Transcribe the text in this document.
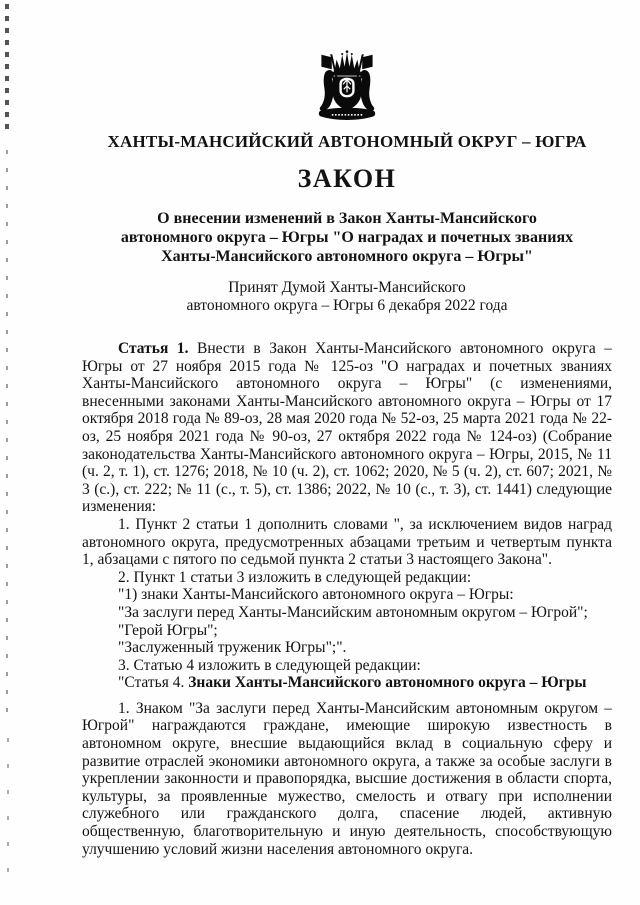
ХАНТЫ-МАНСИЙСКИЙ АВТОНОМНЫЙ ОКРУГ – ЮГРА
ЗАКОН
О внесении изменений в Закон Ханты-Мансийского
автономного округа – Югры "О наградах и почетных званиях
Ханты-Мансийского автономного округа – Югры"
Принят Думой Ханты-Мансийского
автономного округа – Югры 6 декабря 2022 года

Статья 1. Внести в Закон Ханты-Мансийского автономного округа – Югры от 27 ноября 2015 года № 125-оз "О наградах и почетных званиях Ханты-Мансийского автономного округа – Югры" (с изменениями, внесенными законами Ханты-Мансийского автономного округа – Югры от 17 октября 2018 года № 89-оз, 28 мая 2020 года № 52-оз, 25 марта 2021 года № 22-оз, 25 ноября 2021 года № 90-оз, 27 октября 2022 года № 124-оз) (Собрание законодательства Ханты-Мансийского автономного округа – Югры, 2015, № 11 (ч. 2, т. 1), ст. 1276; 2018, № 10 (ч. 2), ст. 1062; 2020, № 5 (ч. 2), ст. 607; 2021, № 3 (с.), ст. 222; № 11 (с., т. 5), ст. 1386; 2022, № 10 (с., т. 3), ст. 1441) следующие изменения:

1. Пункт 2 статьи 1 дополнить словами ", за исключением видов наград автономного округа, предусмотренных абзацами третьим и четвертым пункта 1, абзацами с пятого по седьмой пункта 2 статьи 3 настоящего Закона".

2. Пункт 1 статьи 3 изложить в следующей редакции:

"1) знаки Ханты-Мансийского автономного округа – Югры:

"За заслуги перед Ханты-Мансийским автономным округом – Югрой";

"Герой Югры";

"Заслуженный труженик Югры";".

3. Статью 4 изложить в следующей редакции:

"Статья 4. Знаки Ханты-Мансийского автономного округа – Югры

1. Знаком "За заслуги перед Ханты-Мансийским автономным округом – Югрой" награждаются граждане, имеющие широкую известность в автономном округе, внесшие выдающийся вклад в социальную сферу и развитие отраслей экономики автономного округа, а также за особые заслуги в укреплении законности и правопорядка, высшие достижения в области спорта, культуры, за проявленные мужество, смелость и отвагу при исполнении служебного или гражданского долга, спасение людей, активную общественную, благотворительную и иную деятельность, способствующую улучшению условий жизни населения автономного округа.
